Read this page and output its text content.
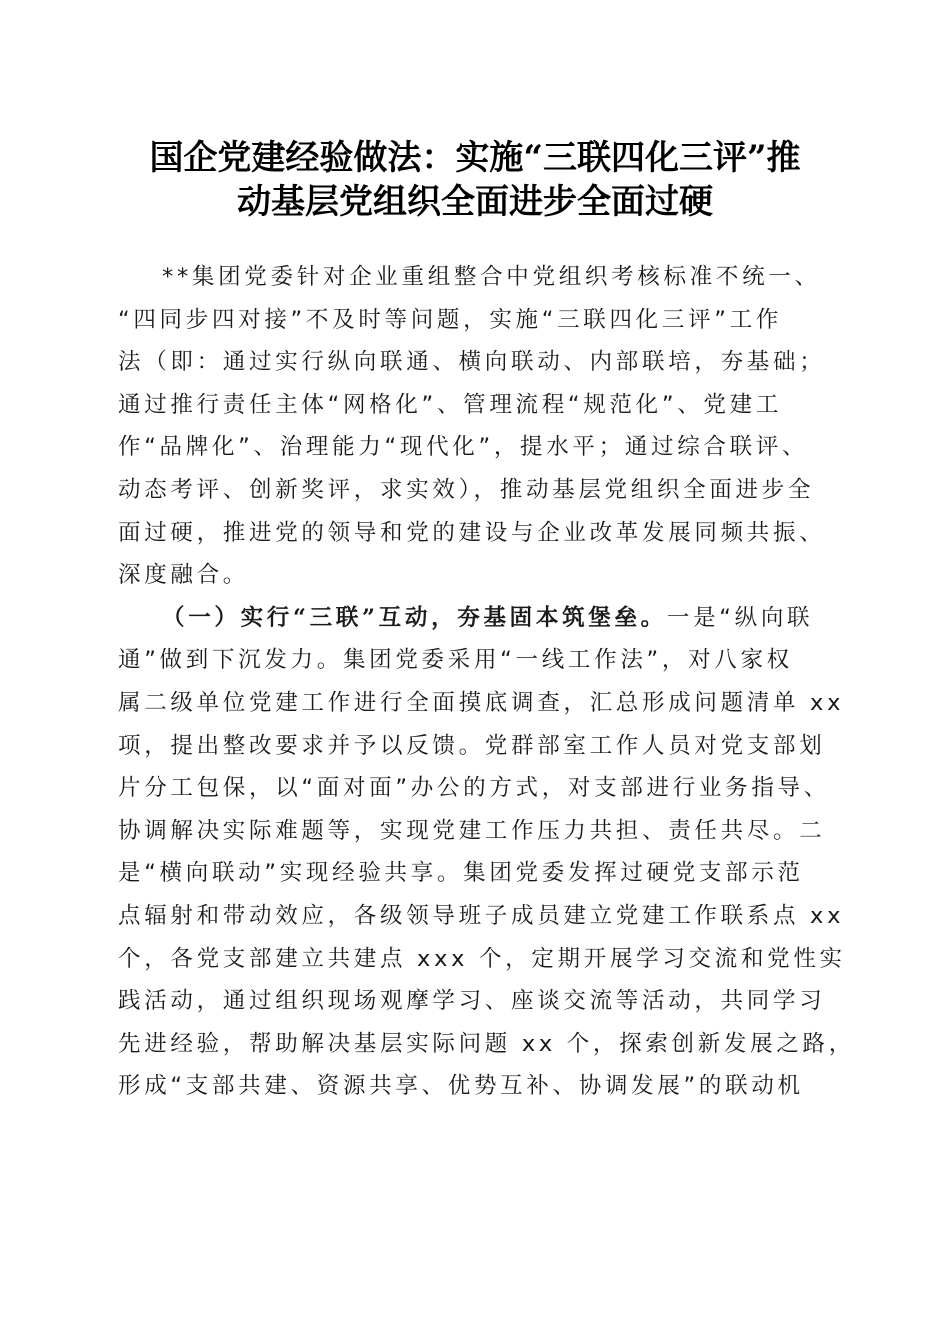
国企党建经验做法：实施“三联四化三评”推
动基层党组织全面进步全面过硬
**集团党委针对企业重组整合中党组织考核标准不统一、
“四同步四对接”不及时等问题，实施“三联四化三评”工作
法（即：通过实行纵向联通、横向联动、内部联培，夯基础；
通过推行责任主体“网格化”、管理流程“规范化”、党建工
作“品牌化”、治理能力“现代化”，提水平；通过综合联评、
动态考评、创新奖评，求实效），推动基层党组织全面进步全
面过硬，推进党的领导和党的建设与企业改革发展同频共振、
深度融合。
（一）实行“三联”互动，夯基固本筑堡垒。一是“纵向联
通”做到下沉发力。集团党委采用“一线工作法”，对八家权
属二级单位党建工作进行全面摸底调查，汇总形成问题清单 xx
项，提出整改要求并予以反馈。党群部室工作人员对党支部划
片分工包保，以“面对面”办公的方式，对支部进行业务指导、
协调解决实际难题等，实现党建工作压力共担、责任共尽。二
是“横向联动”实现经验共享。集团党委发挥过硬党支部示范
点辐射和带动效应，各级领导班子成员建立党建工作联系点 xx
个，各党支部建立共建点 xxx 个，定期开展学习交流和党性实
践活动，通过组织现场观摩学习、座谈交流等活动，共同学习
先进经验，帮助解决基层实际问题 xx 个，探索创新发展之路，
形成“支部共建、资源共享、优势互补、协调发展”的联动机
